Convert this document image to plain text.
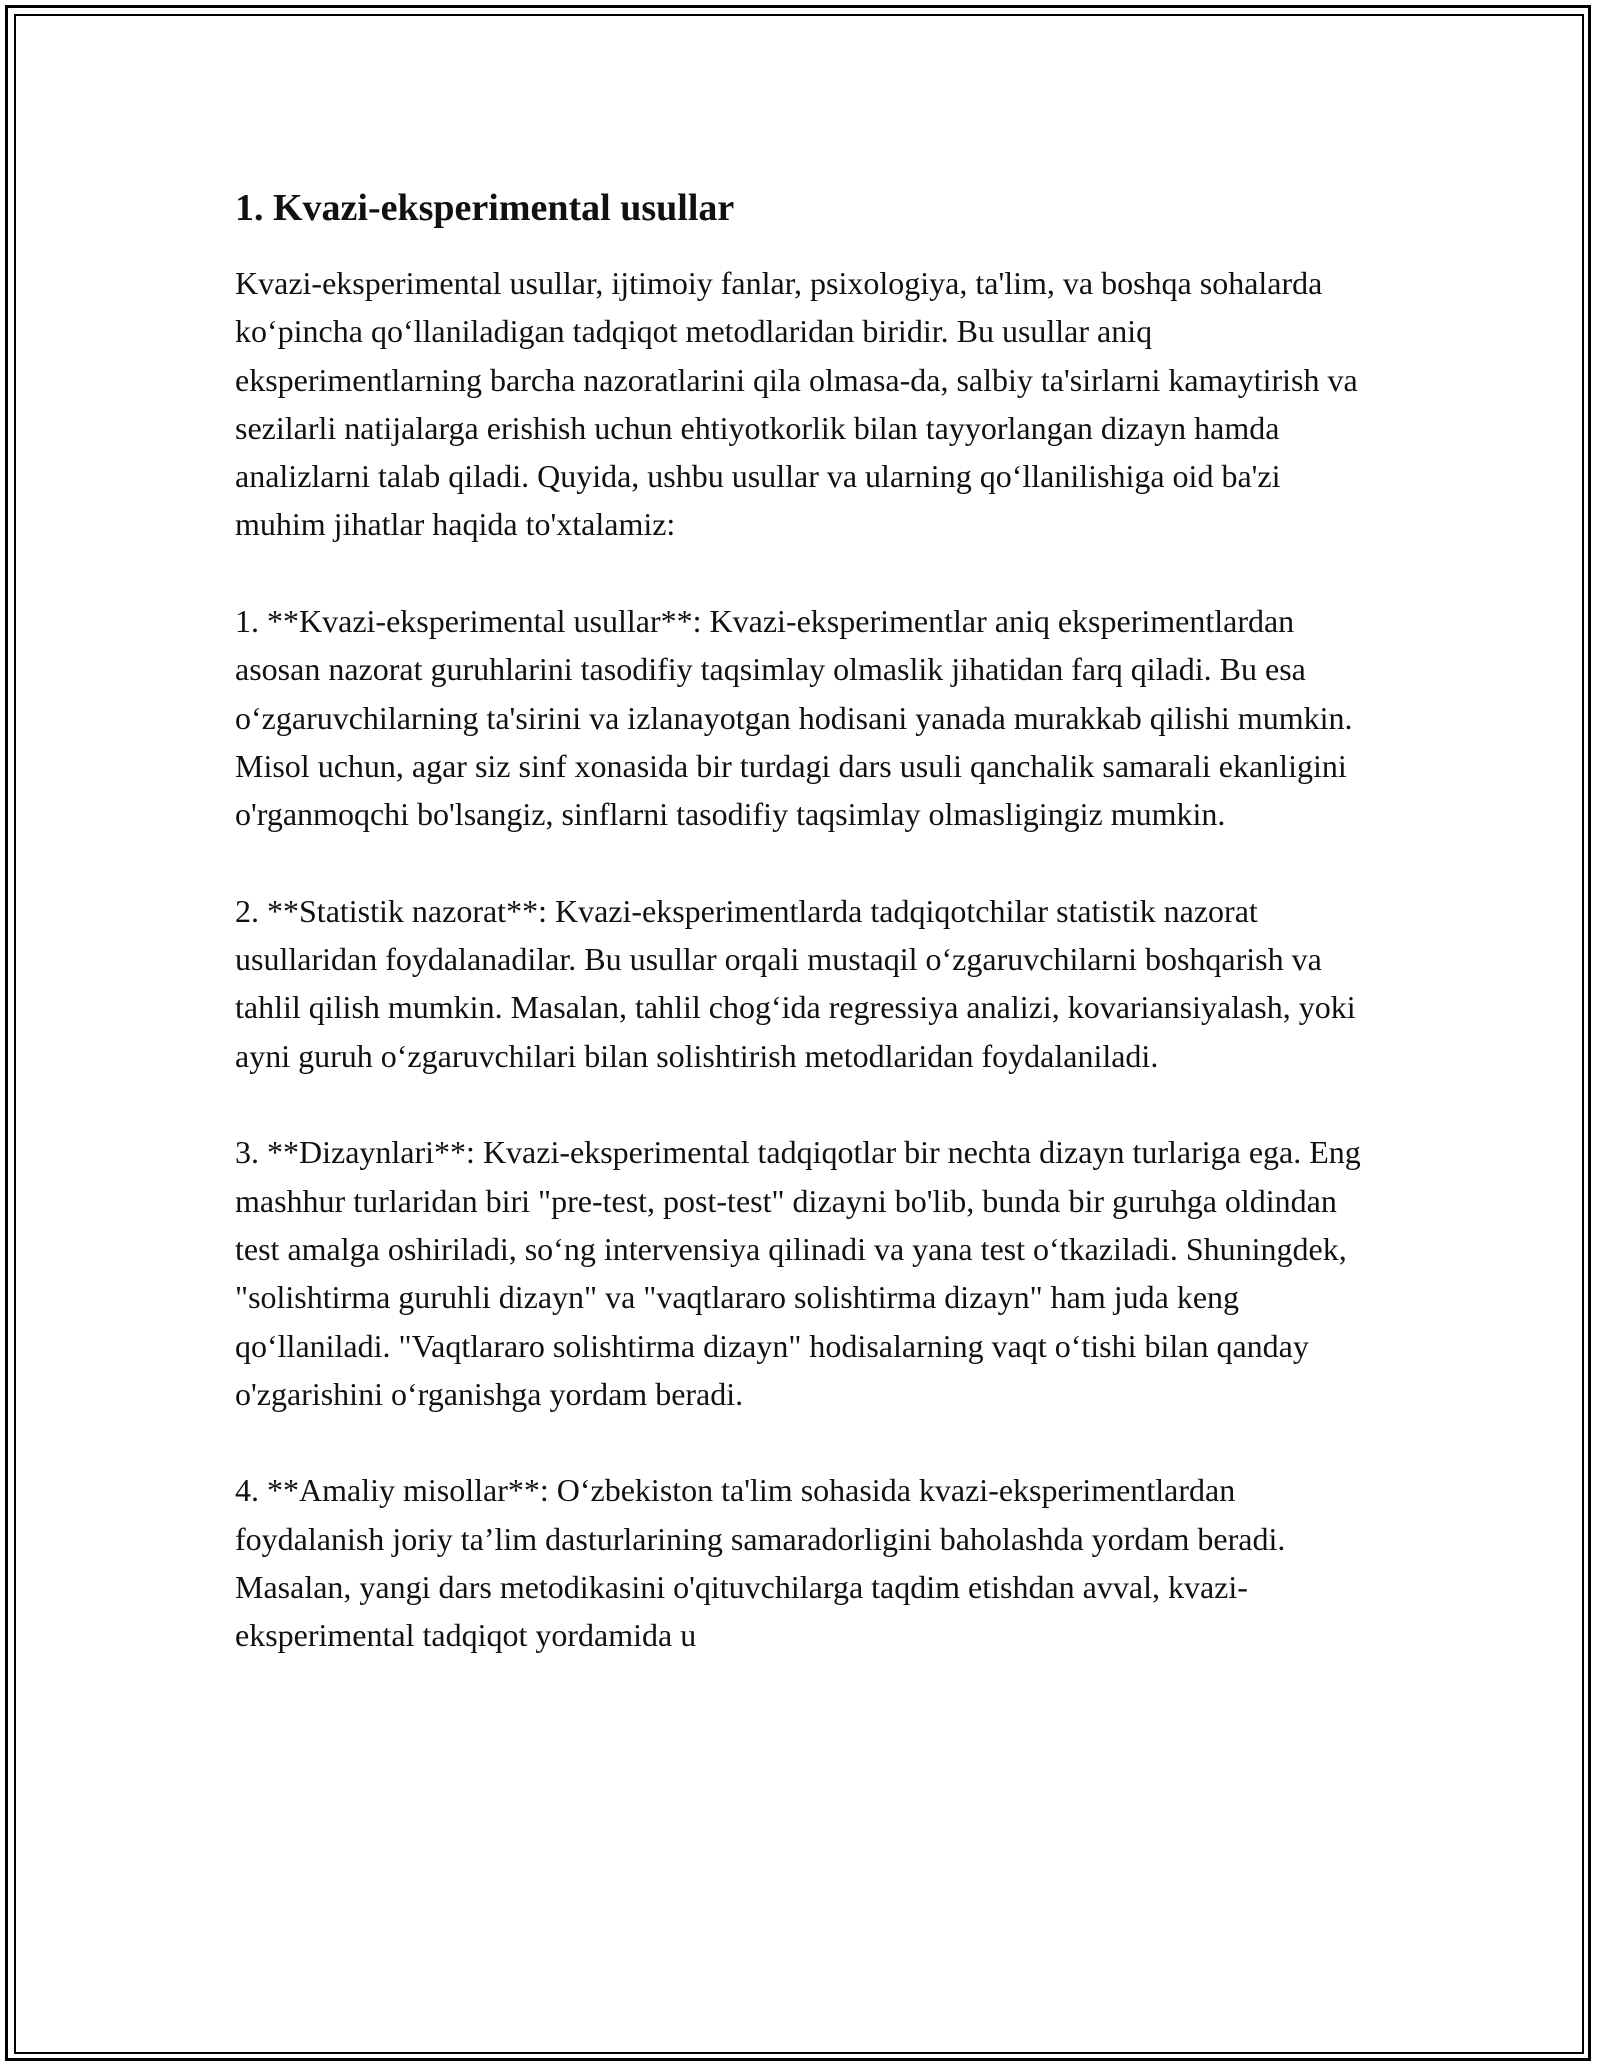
1. Kvazi-eksperimental usullar

Kvazi-eksperimental usullar, ijtimoiy fanlar, psixologiya, ta'lim, va boshqa sohalarda ko‘pincha qo‘llaniladigan tadqiqot metodlaridan biridir. Bu usullar aniq eksperimentlarning barcha nazoratlarini qila olmasa-da, salbiy ta'sirlarni kamaytirish va sezilarli natijalarga erishish uchun ehtiyotkorlik bilan tayyorlangan dizayn hamda analizlarni talab qiladi. Quyida, ushbu usullar va ularning qo‘llanilishiga oid ba'zi muhim jihatlar haqida to'xtalamiz:

1. **Kvazi-eksperimental usullar**: Kvazi-eksperimentlar aniq eksperimentlardan asosan nazorat guruhlarini tasodifiy taqsimlay olmaslik jihatidan farq qiladi. Bu esa o‘zgaruvchilarning ta'sirini va izlanayotgan hodisani yanada murakkab qilishi mumkin. Misol uchun, agar siz sinf xonasida bir turdagi dars usuli qanchalik samarali ekanligini o'rganmoqchi bo'lsangiz, sinflarni tasodifiy taqsimlay olmasligingiz mumkin.

2. **Statistik nazorat**: Kvazi-eksperimentlarda tadqiqotchilar statistik nazorat usullaridan foydalanadilar. Bu usullar orqali mustaqil o‘zgaruvchilarni boshqarish va tahlil qilish mumkin. Masalan, tahlil chog‘ida regressiya analizi, kovariansiyalash, yoki ayni guruh o‘zgaruvchilari bilan solishtirish metodlaridan foydalaniladi.

3. **Dizaynlari**: Kvazi-eksperimental tadqiqotlar bir nechta dizayn turlariga ega. Eng mashhur turlaridan biri "pre-test, post-test" dizayni bo'lib, bunda bir guruhga oldindan test amalga oshiriladi, so‘ng intervensiya qilinadi va yana test o‘tkaziladi. Shuningdek, "solishtirma guruhli dizayn" va "vaqtlararo solishtirma dizayn" ham juda keng qo‘llaniladi. "Vaqtlararo solishtirma dizayn" hodisalarning vaqt o‘tishi bilan qanday o'zgarishini o‘rganishga yordam beradi.

4. **Amaliy misollar**: O‘zbekiston ta'lim sohasida kvazi-eksperimentlardan foydalanish joriy ta’lim dasturlarining samaradorligini baholashda yordam beradi. Masalan, yangi dars metodikasini o'qituvchilarga taqdim etishdan avval, kvazi-eksperimental tadqiqot yordamida u
